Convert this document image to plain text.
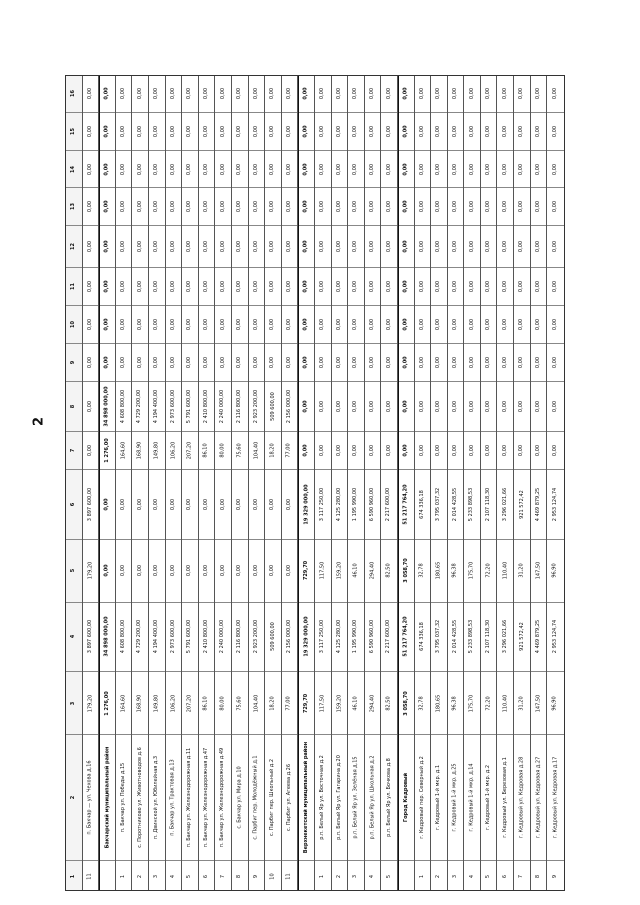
2
1
2
3
4
5
6
7
8
9
10
11
12
13
14
15
16
11
п. Бакчар — ул. Чехова д.16
179,20
3 897 600,00
179,20
3 897 600,00
0,00
0,00
0,00
0,00
0,00
0,00
0,00
0,00
0,00
0,00
Бакчарский муниципальный район
1 276,00
34 898 000,00
0,00
0,00
1 276,00
34 898 000,00
0,00
0,00
0,00
0,00
0,00
0,00
0,00
0,00
1
п. Бакчар ул. Победы д.15
164,60
4 608 800,00
0,00
0,00
164,60
4 608 800,00
0,00
0,00
0,00
0,00
0,00
0,00
0,00
0,00
2
с. Поротниково ул. Животноводов д.6
168,90
4 729 200,00
0,00
0,00
168,90
4 729 200,00
0,00
0,00
0,00
0,00
0,00
0,00
0,00
0,00
3
п. Двинской ул. Юбилейная д.3
149,80
4 194 400,00
0,00
0,00
149,80
4 194 400,00
0,00
0,00
0,00
0,00
0,00
0,00
0,00
0,00
4
п. Бакчар ул. Трактовая д.13
106,20
2 973 600,00
0,00
0,00
106,20
2 973 600,00
0,00
0,00
0,00
0,00
0,00
0,00
0,00
0,00
5
п. Бакчар ул. Железнодорожная д.11
207,20
5 791 600,00
0,00
0,00
207,20
5 791 600,00
0,00
0,00
0,00
0,00
0,00
0,00
0,00
0,00
6
п. Бакчар ул. Железнодорожная д.47
86,10
2 410 800,00
0,00
0,00
86,10
2 410 800,00
0,00
0,00
0,00
0,00
0,00
0,00
0,00
0,00
7
п. Бакчар ул. Железнодорожная д.49
80,00
2 240 000,00
0,00
0,00
80,00
2 240 000,00
0,00
0,00
0,00
0,00
0,00
0,00
0,00
0,00
8
с. Бакчар ул. Мира д.10
75,60
2 116 800,00
0,00
0,00
75,60
2 116 800,00
0,00
0,00
0,00
0,00
0,00
0,00
0,00
0,00
9
с. Парбиг пер. Молодёжный д.1
104,40
2 923 200,00
0,00
0,00
104,40
2 923 200,00
0,00
0,00
0,00
0,00
0,00
0,00
0,00
0,00
10
с. Парбиг пер. Школьный д.2
18,20
509 600,00
0,00
0,00
18,20
509 600,00
0,00
0,00
0,00
0,00
0,00
0,00
0,00
0,00
11
с. Парбиг ул. Агеева д.26
77,00
2 156 000,00
0,00
0,00
77,00
2 156 000,00
0,00
0,00
0,00
0,00
0,00
0,00
0,00
0,00
Верхнекетский муниципальный район
729,70
19 329 000,00
729,70
19 329 000,00
0,00
0,00
0,00
0,00
0,00
0,00
0,00
0,00
0,00
0,00
1
р.п. Белый Яр ул. Восточная д.2
117,50
3 117 250,00
117,50
3 117 250,00
0,00
0,00
0,00
0,00
0,00
0,00
0,00
0,00
0,00
0,00
2
р.п. Белый Яр ул. Гагарина д.20
159,20
4 125 280,00
159,20
4 125 280,00
0,00
0,00
0,00
0,00
0,00
0,00
0,00
0,00
0,00
0,00
3
р.п. Белый Яр ул. Зелёная д.15
46,10
1 195 990,00
46,10
1 195 990,00
0,00
0,00
0,00
0,00
0,00
0,00
0,00
0,00
0,00
0,00
4
р.п. Белый Яр ул. Школьная д.2
294,40
6 590 960,00
294,40
6 590 960,00
0,00
0,00
0,00
0,00
0,00
0,00
0,00
0,00
0,00
0,00
5
р.п. Белый Яр ул. Бочкова д.8
82,50
2 217 600,00
82,50
2 217 600,00
0,00
0,00
0,00
0,00
0,00
0,00
0,00
0,00
0,00
0,00
Город Кедровый
3 058,70
51 217 764,20
3 058,70
51 217 764,20
0,00
0,00
0,00
0,00
0,00
0,00
0,00
0,00
0,00
0,00
1
г. Кедровый пер. Северный д.2
32,78
674 336,18
32,78
674 336,18
0,00
0,00
0,00
0,00
0,00
0,00
0,00
0,00
0,00
0,00
2
г. Кедровый 1-й мкр. д.1
180,65
3 795 037,32
180,65
3 795 037,32
0,00
0,00
0,00
0,00
0,00
0,00
0,00
0,00
0,00
0,00
3
г. Кедровый 1-й мкр. д.25
96,38
2 014 428,55
96,38
2 014 428,55
0,00
0,00
0,00
0,00
0,00
0,00
0,00
0,00
0,00
0,00
4
г. Кедровый 1-й мкр. д.14
175,70
5 233 898,53
175,70
5 233 898,53
0,00
0,00
0,00
0,00
0,00
0,00
0,00
0,00
0,00
0,00
5
г. Кедровый 1-й мкр. д.2
72,20
2 107 118,30
72,20
2 107 118,30
0,00
0,00
0,00
0,00
0,00
0,00
0,00
0,00
0,00
0,00
6
г. Кедровый ул. Березовая д.1
110,40
3 296 021,66
110,40
3 296 021,66
0,00
0,00
0,00
0,00
0,00
0,00
0,00
0,00
0,00
0,00
7
г. Кедровый ул. Кедровая д.28
31,20
921 572,42
31,20
921 572,42
0,00
0,00
0,00
0,00
0,00
0,00
0,00
0,00
0,00
0,00
8
г. Кедровый ул. Кедровая д.27
147,50
4 469 879,25
147,50
4 469 879,25
0,00
0,00
0,00
0,00
0,00
0,00
0,00
0,00
0,00
0,00
9
г. Кедровый ул. Кедровая д.17
96,90
2 953 124,74
96,90
2 953 124,74
0,00
0,00
0,00
0,00
0,00
0,00
0,00
0,00
0,00
0,00
